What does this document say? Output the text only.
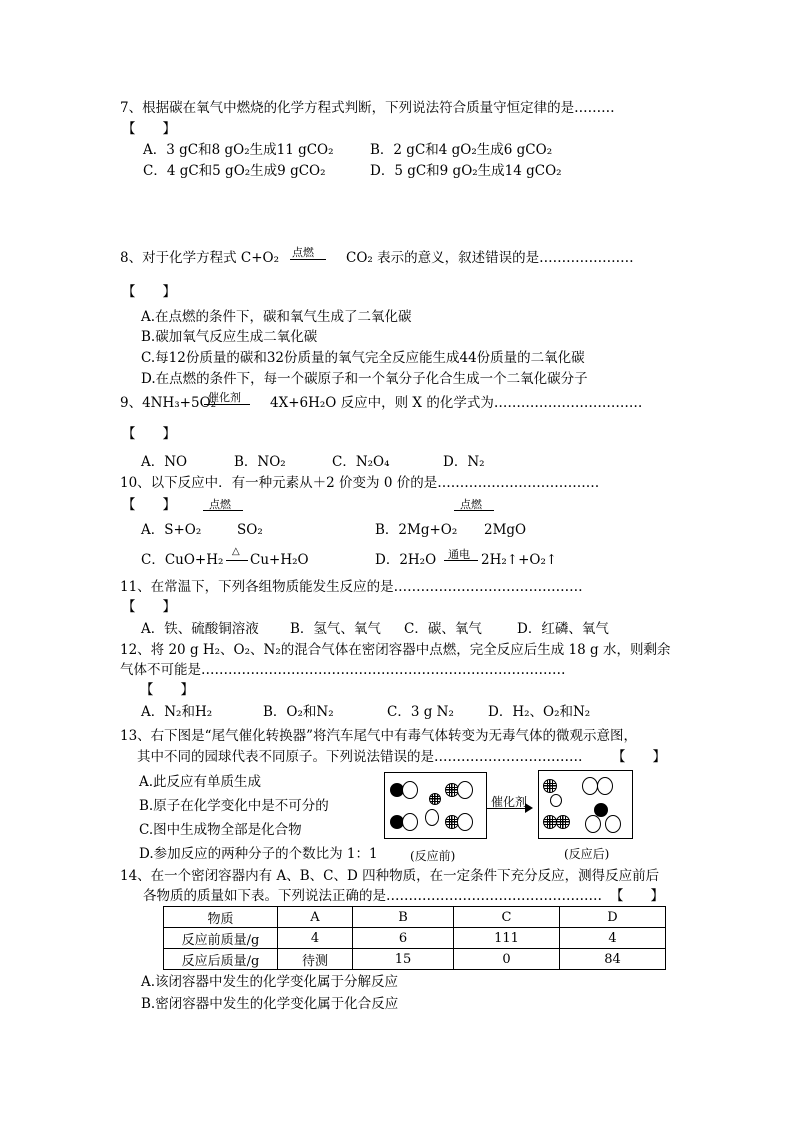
7、根据碳在氧气中燃烧的化学方程式判断，下列说法符合质量守恒定律的是………
【　　】
A．3 gC和8 gO₂生成11 gCO₂	B．2 gC和4 gO₂生成6 gCO₂
C．4 gC和5 gO₂生成9 gCO₂	D．5 gC和9 gO₂生成14 gCO₂
8、对于化学方程式 C+O₂ 点燃 CO₂ 表示的意义，叙述错误的是…………………
【　　】
A.在点燃的条件下，碳和氧气生成了二氧化碳
B.碳加氧气反应生成二氧化碳
C.每12份质量的碳和32份质量的氧气完全反应能生成44份质量的二氧化碳
D.在点燃的条件下，每一个碳原子和一个氧分子化合生成一个二氧化碳分子
9、4NH₃+5O₂
催化剂 4X+6H₂O 反应中，则 X 的化学式为……………………………
【　　】
A．NO	B．NO₂	C．N₂O₄	D．N₂
10、以下反应中．有一种元素从＋2 价变为 0 价的是………………………………
【　　】	点燃	点燃
A．S+O₂	SO₂	B．2Mg+O₂ 2MgO
C．CuO+H₂
△
Cu+H₂O	D．2H₂O 通电 2H₂↑+O₂↑
11、在常温下，下列各组物质能发生反应的是……………………………………
【　　】
A．铁、硫酸铜溶液 B．氢气、氧气 C．碳、氧气	D．红磷、氧气
12、将 20 g H₂、O₂、N₂的混合气体在密闭容器中点燃，完全反应后生成 18 g 水，则剩余
气体不可能是………………………………………………………………………
【　　】
A．N₂和H₂	B．O₂和N₂	C．3 g N₂	D．H₂、O₂和N₂
13、右下图是“尾气催化转换器”将汽车尾气中有毒气体转变为无毒气体的微观示意图，
其中不同的园球代表不同原子。下列说法错误的是…………………………… 【　　】
A.此反应有单质生成
B.原子在化学变化中是不可分的
C.图中生成物全部是化合物
D.参加反应的两种分子的个数比为 1：1
催化剂
(反应前)	(反应后)
14、在一个密闭容器内有 A、B、C、D 四种物质，在一定条件下充分反应，测得反应前后
各物质的质量如下表。下列说法正确的是………………………………………… 【　　】
物质	A	B	C	D
反应前质量/g	4	6	111	4
反应后质量/g	待测	15	0	84
A.该闭容器中发生的化学变化属于分解反应
B.密闭容器中发生的化学变化属于化合反应
